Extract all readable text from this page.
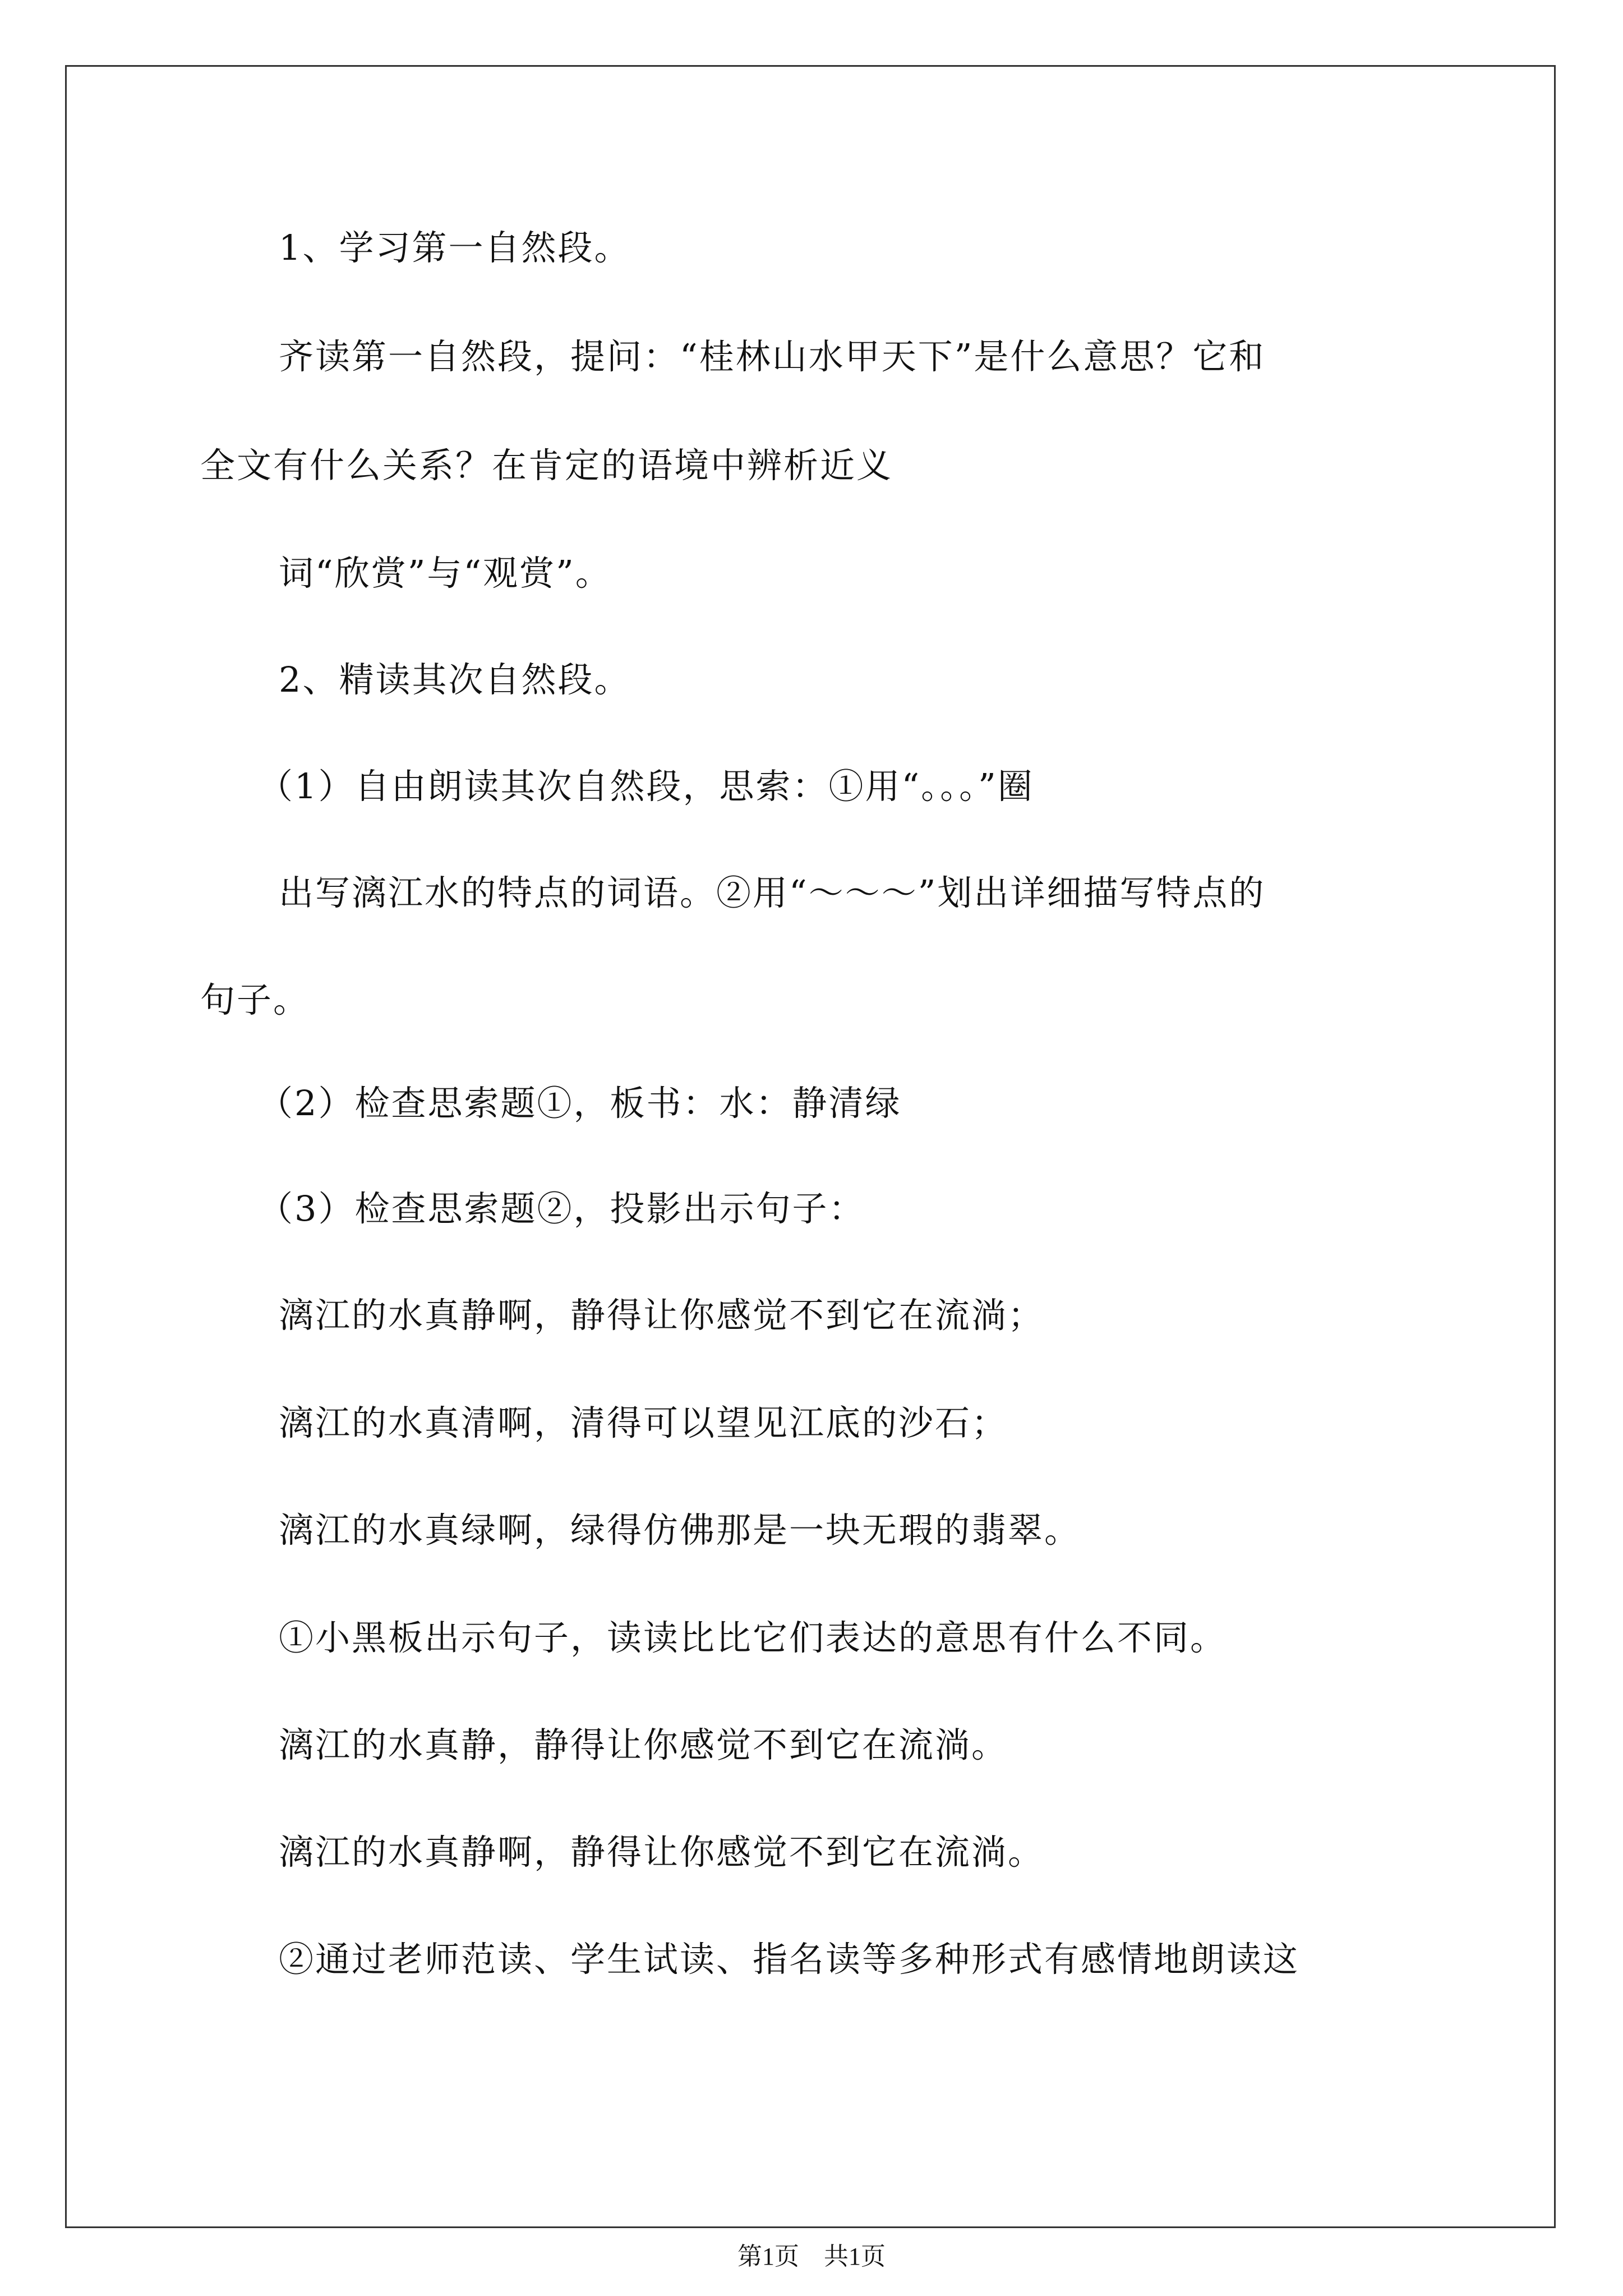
1、学习第一自然段。
齐读第一自然段，提问：“桂林山水甲天下”是什么意思？它和
全文有什么关系？在肯定的语境中辨析近义
词“欣赏”与“观赏”。
2、精读其次自然段。
（1）自由朗读其次自然段，思索：①用“。。。”圈
出写漓江水的特点的词语。②用“～～～”划出详细描写特点的
句子。
（2）检查思索题①，板书：水：静清绿
（3）检查思索题②，投影出示句子：
漓江的水真静啊，静得让你感觉不到它在流淌；
漓江的水真清啊，清得可以望见江底的沙石；
漓江的水真绿啊，绿得仿佛那是一块无瑕的翡翠。
①小黑板出示句子，读读比比它们表达的意思有什么不同。
漓江的水真静，静得让你感觉不到它在流淌。
漓江的水真静啊，静得让你感觉不到它在流淌。
②通过老师范读、学生试读、指名读等多种形式有感情地朗读这
第1页　共1页
